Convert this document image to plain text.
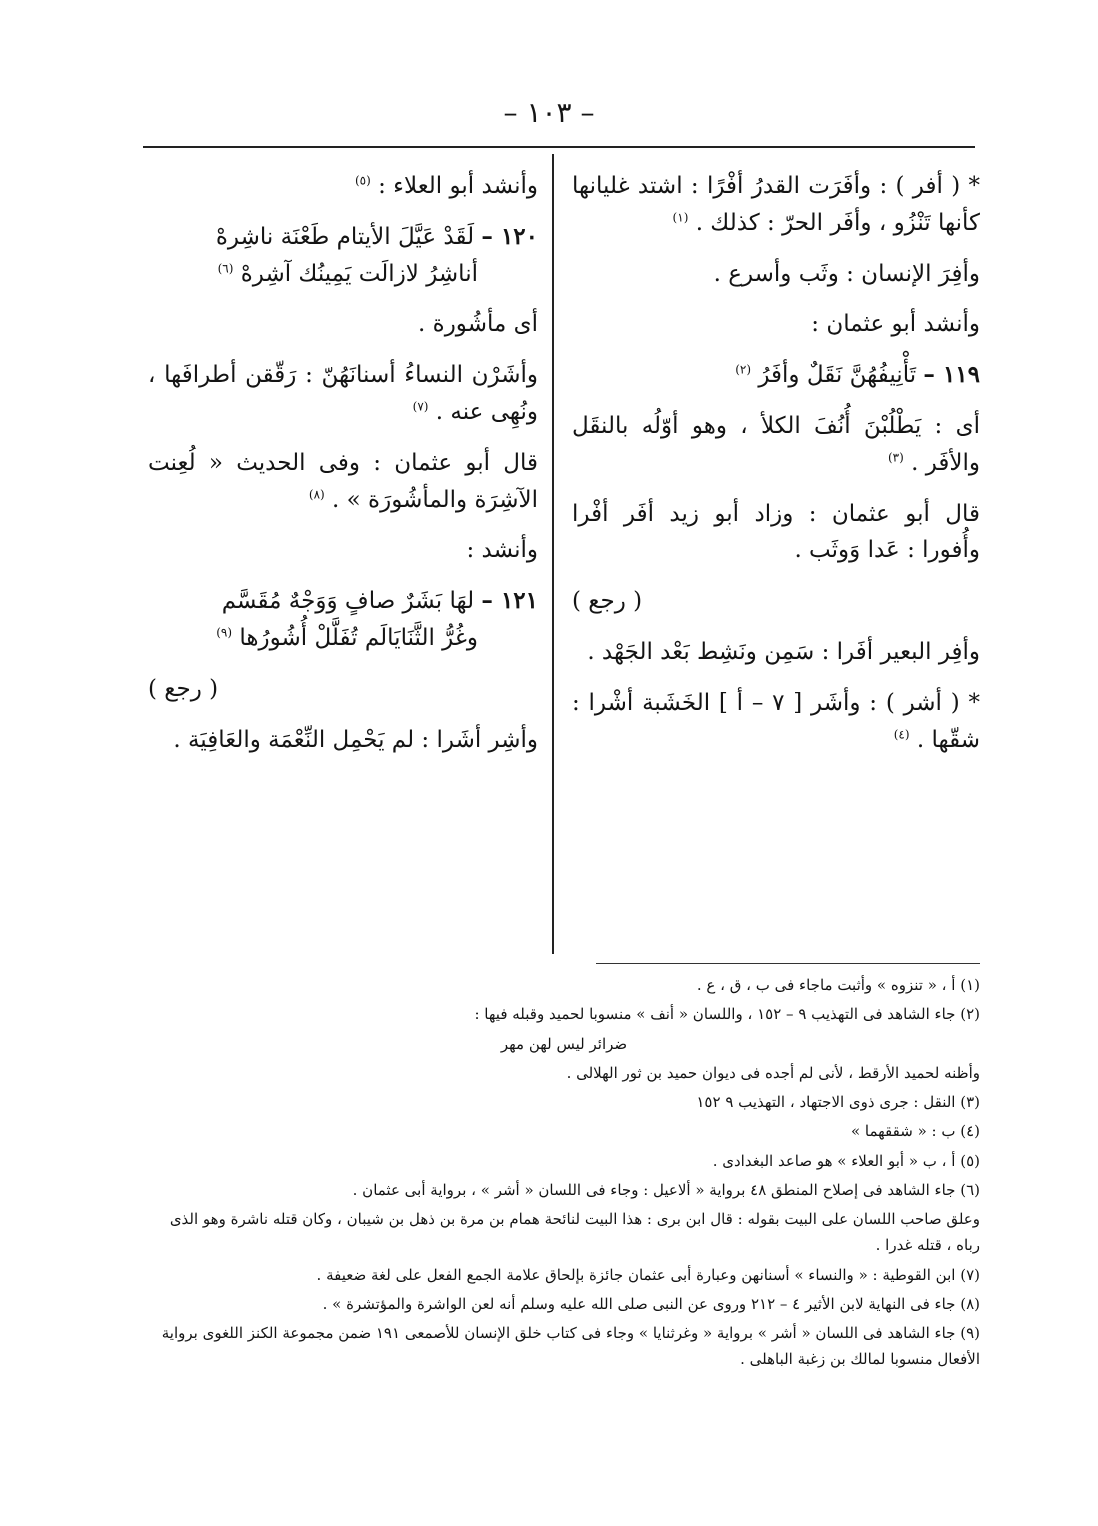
– ١٠٣ –

* ( أفر ) : وأفَرَت القدرُ أفْرًا : اشتد غليانها كأنها تَنْزُو ، وأفَر الحرّ : كذلك . $^{(١)}$

وأفِرَ الإنسان : وثَب وأسرع .

وأنشد أبو عثمان :

١١٩ – تَأْنِيفُهُنَّ نَقَلٌ وأفَرُ $^{(٢)}$

أى : يَطْلُبْنَ أُنُفَ الكلأ ، وهو أوّلُه بالنقَل والأفَر . $^{(٣)}$

قال أبو عثمان : وزاد أبو زيد أفَر أفْرا وأُفورا : عَدا وَوثَب .

( رجع )

وأفِر البعير أفَرا : سَمِن ونَشِط بَعْد الجَهْد .

* ( أشر ) : وأشَر [ ٧ – أ ] الخَشَبة أشْرا : شقّها . $^{(٤)}$

وأنشد أبو العلاء : $^{(٥)}$

١٢٠ – لَقَدْ عَيَّلَ الأيتام طَعْنَة ناشِرهْ
أناشِرُ لازالَت يَمِينُك آشِرهْ $^{(٦)}$

أى مأشُورة .

وأشَرْن النساءُ أسنانَهُنّ : رَقّقن أطرافَها ، ونُهِى عنه . $^{(٧)}$

قال أبو عثمان : وفى الحديث « لُعِنت الآشِرَة والمأشُورَة » . $^{(٨)}$

وأنشد :

١٢١ – لهَا بَشَرٌ صافٍ وَوَجْهٌ مُقَسَّم
وغُرُّ الثَّنَايَالَم تُفَلَّلْ أُشُورُها $^{(٩)}$

( رجع )

وأشِر أشَرا : لم يَحْمِل النِّعْمَة والعَافِيَة .

(١) أ ، « تنزوه » وأثبت ماجاء فى ب ، ق ، ع .
(٢) جاء الشاهد فى التهذيب ٩ – ١٥٢ ، واللسان « أنف » منسوبا لحميد وقبله فيها :
ضرائر ليس لهن مهر
وأظنه لحميد الأرقط ، لأنى لم أجده فى ديوان حميد بن ثور الهلالى .
(٣) النقل : جرى ذوى الاجتهاد ، التهذيب ٩ ١٥٢
(٤) ب : « شققهما »
(٥) أ ، ب « أبو العلاء » هو صاعد البغدادى .
(٦) جاء الشاهد فى إصلاح المنطق ٤٨ برواية « ألاعيل : وجاء فى اللسان « أشر » ، برواية أبى عثمان .
وعلق صاحب اللسان على البيت بقوله : قال ابن برى : هذا البيت لنائحة همام بن مرة بن ذهل بن شيبان ، وكان قتله ناشرة وهو الذى رباه ، قتله غدرا .
(٧) ابن القوطية : « والنساء » أسنانهن وعبارة أبى عثمان جائزة بإلحاق علامة الجمع الفعل على لغة ضعيفة .
(٨) جاء فى النهاية لابن الأثير ٤ – ٢١٢ وروى عن النبى صلى الله عليه وسلم أنه لعن الواشرة والمؤتشرة » .
(٩) جاء الشاهد فى اللسان « أشر » برواية « وغرثنايا » وجاء فى كتاب خلق الإنسان للأصمعى ١٩١ ضمن مجموعة الكنز اللغوى برواية الأفعال منسوبا لمالك بن زغبة الباهلى .
